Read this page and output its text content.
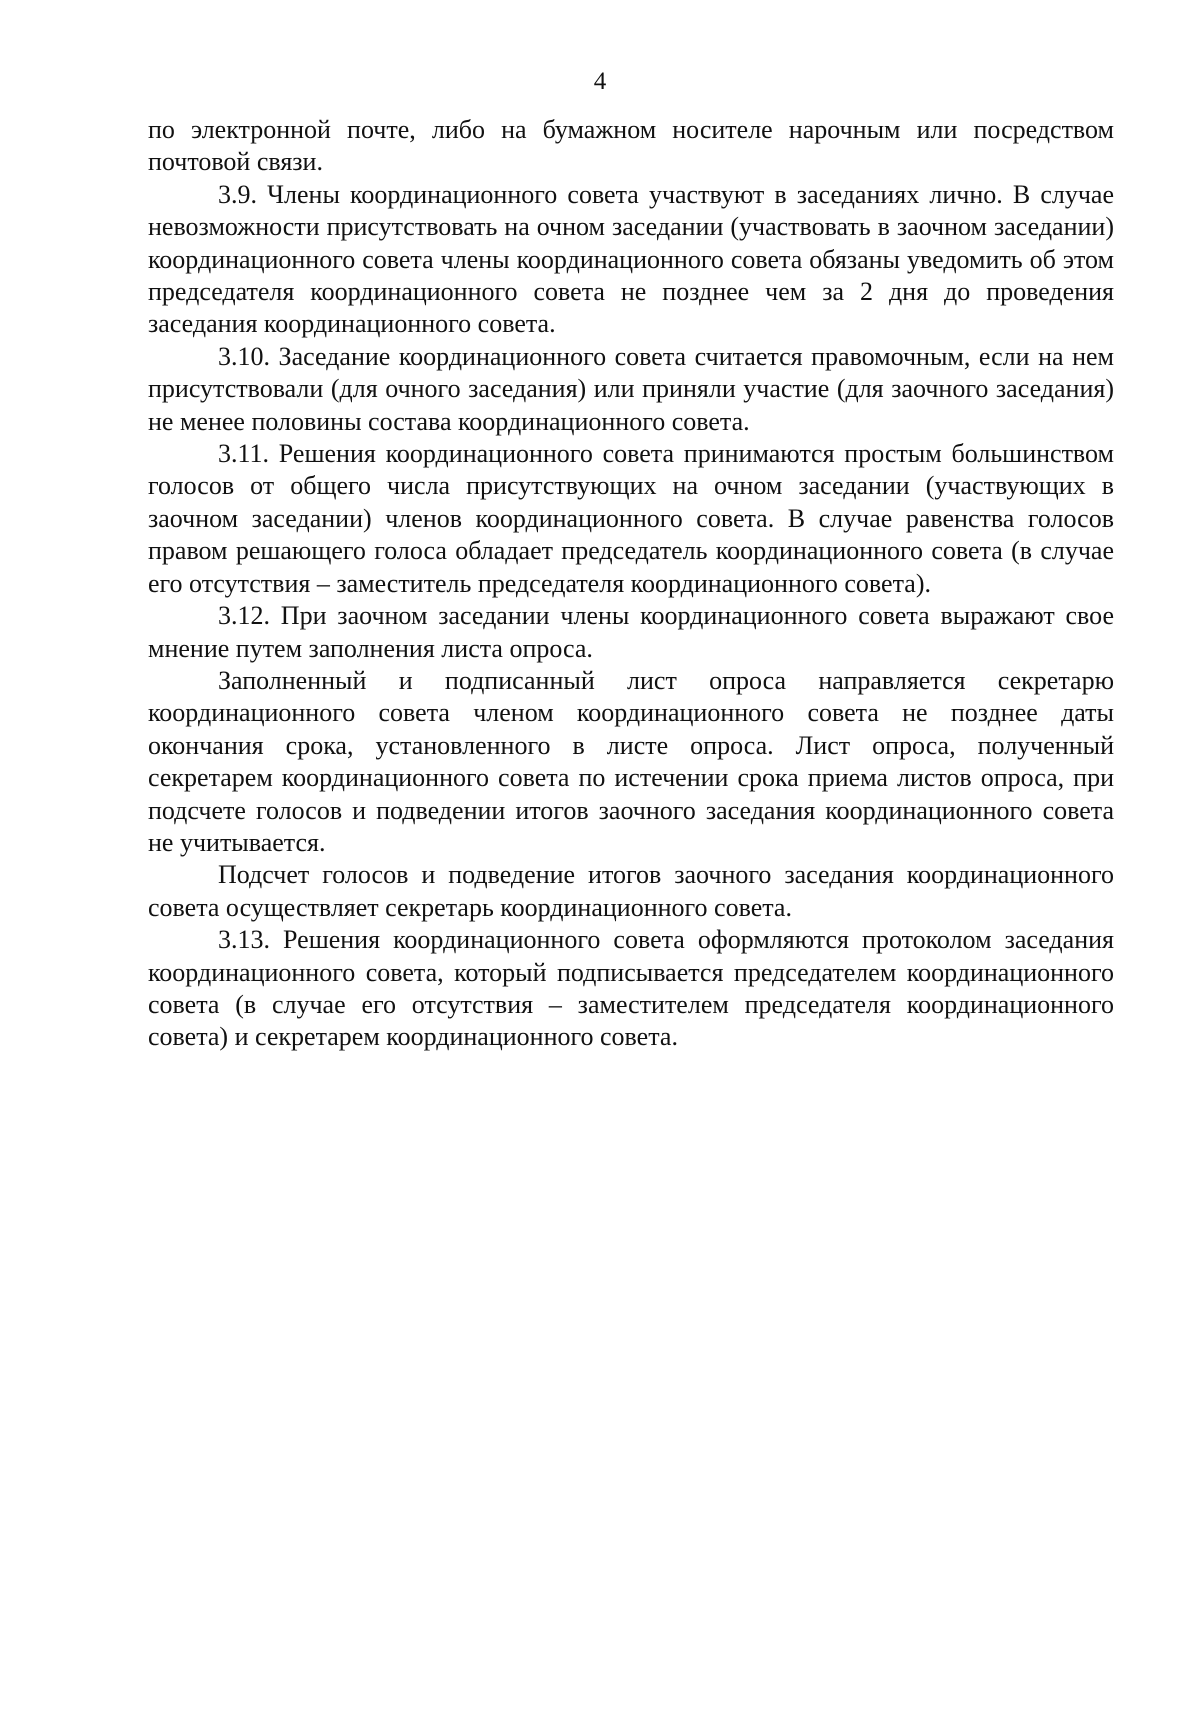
4

по электронной почте, либо на бумажном носителе нарочным или посредством почтовой связи.

3.9. Члены координационного совета участвуют в заседаниях лично. В случае невозможности присутствовать на очном заседании (участвовать в заочном заседании) координационного совета члены координационного совета обязаны уведомить об этом председателя координационного совета не позднее чем за 2 дня до проведения заседания координационного совета.

3.10. Заседание координационного совета считается правомочным, если на нем присутствовали (для очного заседания) или приняли участие (для заочного заседания) не менее половины состава координационного совета.

3.11. Решения координационного совета принимаются простым большинством голосов от общего числа присутствующих на очном заседании (участвующих в заочном заседании) членов координационного совета. В случае равенства голосов правом решающего голоса обладает председатель координационного совета (в случае его отсутствия – заместитель председателя координационного совета).

3.12. При заочном заседании члены координационного совета выражают свое мнение путем заполнения листа опроса.

Заполненный и подписанный лист опроса направляется секретарю координационного совета членом координационного совета не позднее даты окончания срока, установленного в листе опроса. Лист опроса, полученный секретарем координационного совета по истечении срока приема листов опроса, при подсчете голосов и подведении итогов заочного заседания координационного совета не учитывается.

Подсчет голосов и подведение итогов заочного заседания координационного совета осуществляет секретарь координационного совета.

3.13. Решения координационного совета оформляются протоколом заседания координационного совета, который подписывается председателем координационного совета (в случае его отсутствия – заместителем председателя координационного совета) и секретарем координационного совета.
